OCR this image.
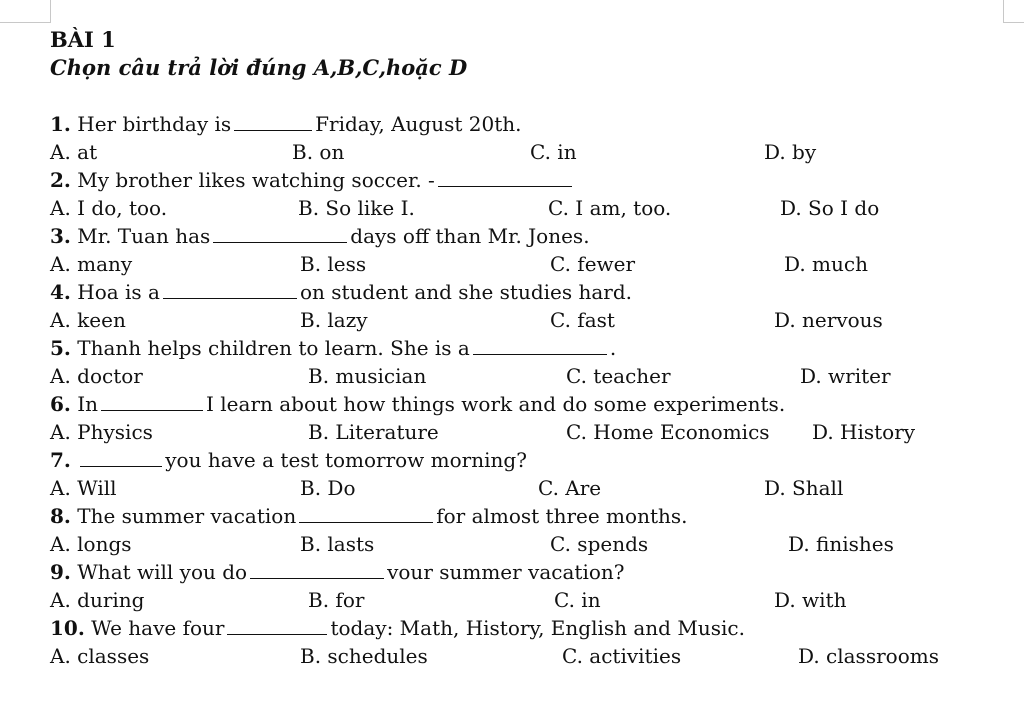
BÀI 1
Chọn câu trả lời đúng A,B,C,hoặc D
1. Her birthday is	Friday, August 20th.
A. at	B. on	C. in	D. by
2. My brother likes watching soccer. -
A. I do, too.	B. So like I.	C. I am, too.	D. So I do
3. Mr. Tuan has	days off than Mr. Jones.
A. many	B. less	C. fewer	D. much
4. Hoa is a	on student and she studies hard.
A. keen	B. lazy	C. fast	D. nervous
5. Thanh helps children to learn. She is a	.
A. doctor	B. musician	C. teacher	D. writer
6. In	I learn about how things work and do some experiments.
A. Physics	B. Literature	C. Home Economics D. History
7.	you have a test tomorrow morning?
A. Will	B. Do	C. Are	D. Shall
8. The summer vacation	for almost three months.
A. longs	B. lasts	C. spends	D. finishes
9. What will you do	vour summer vacation?
A. during	B. for	C. in	D. with
10. We have four	today: Math, History, English and Music.
A. classes	B. schedules	C. activities	D. classrooms
